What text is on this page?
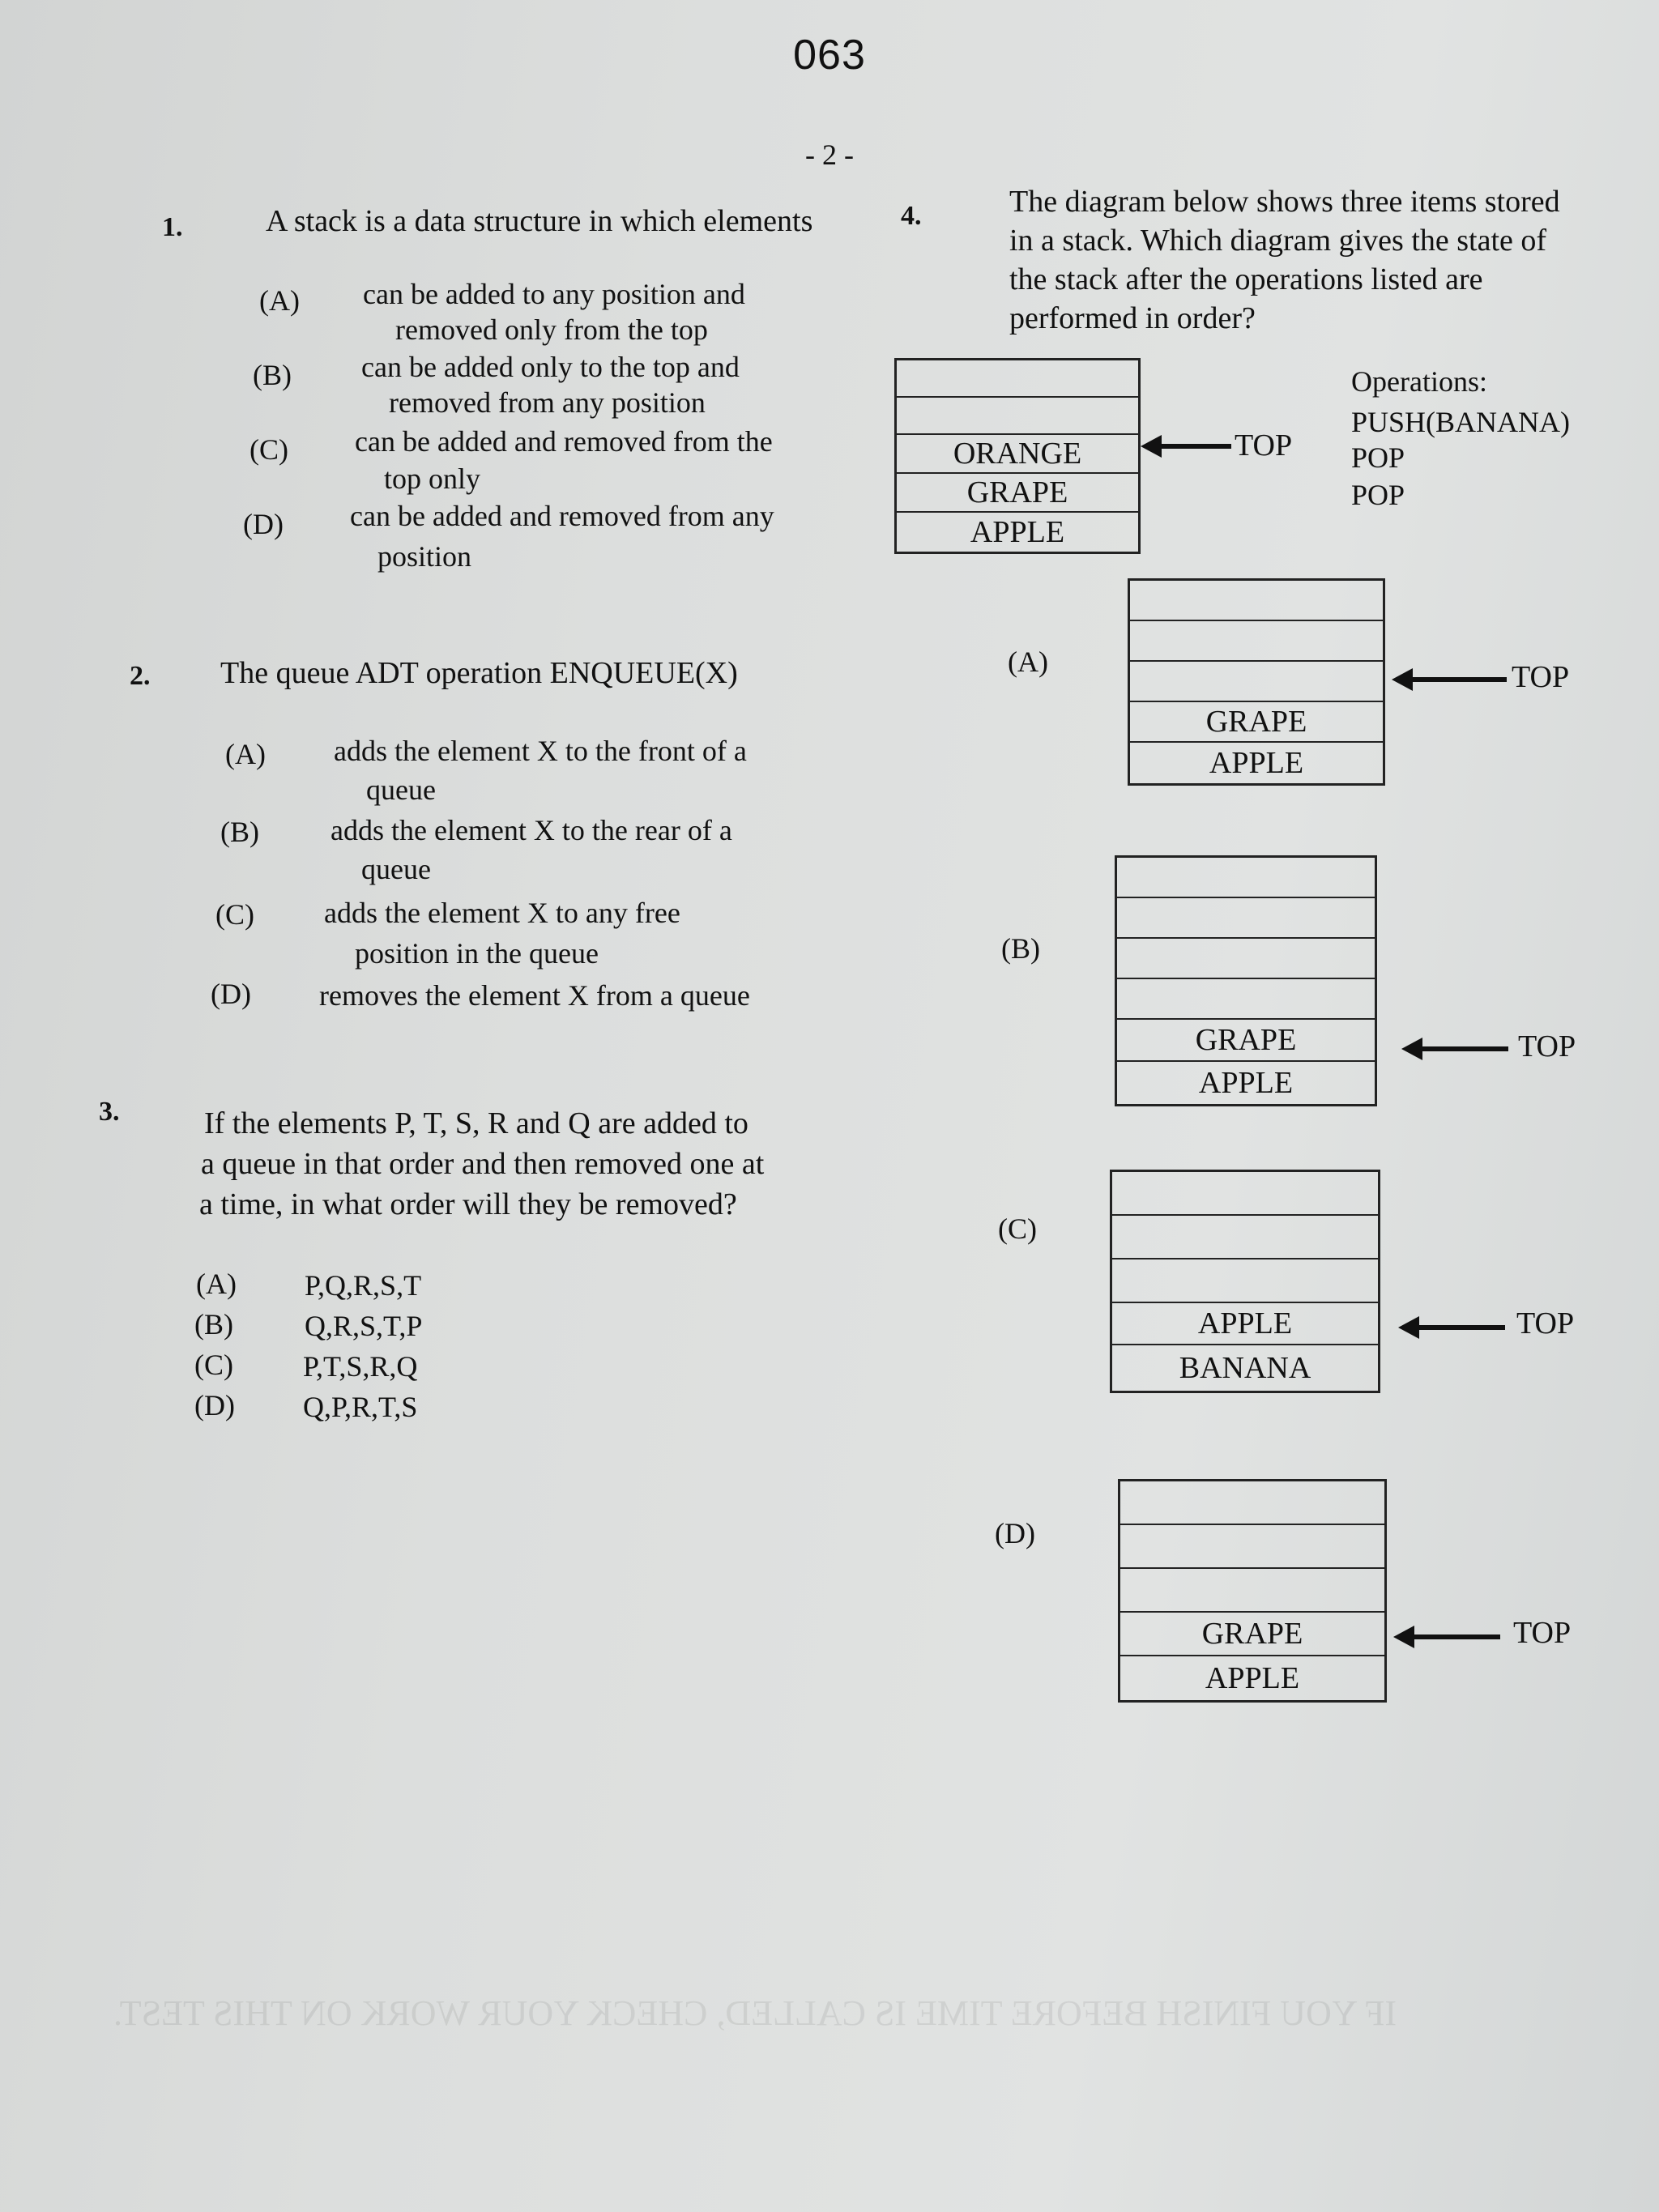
IF YOU FINISH BEFORE TIME IS CALLED, CHECK YOUR WORK ON THIS TEST.
063
- 2 -
1.	A stack is a data structure in which elements
(A) can be added to any position and
removed only from the top
(B) can be added only to the top and
removed from any position
(C) can be added and removed from the
top only
(D) can be added and removed from any
position
2. The queue ADT operation ENQUEUE(X)
(A) adds the element X to the front of a
queue
(B) adds the element X to the rear of a
queue
(C) adds the element X to any free
position in the queue
(D) removes the element X from a queue
3.	If the elements P, T, S, R and Q are added to
a queue in that order and then removed one at
a time, in what order will they be removed?
(A) P,Q,R,S,T
(B) Q,R,S,T,P
(C) P,T,S,R,Q
(D) Q,P,R,T,S
4.	The diagram below shows three items stored
in a stack. Which diagram gives the state of
the stack after the operations listed are
performed in order?
ORANGE
GRAPE
APPLE
TOP
Operations:
PUSH(BANANA)
POP
POP
(A)
GRAPE
APPLE
TOP
(B)
GRAPE
APPLE
TOP
(C)
APPLE
BANANA
TOP
(D)
GRAPE
APPLE
TOP
